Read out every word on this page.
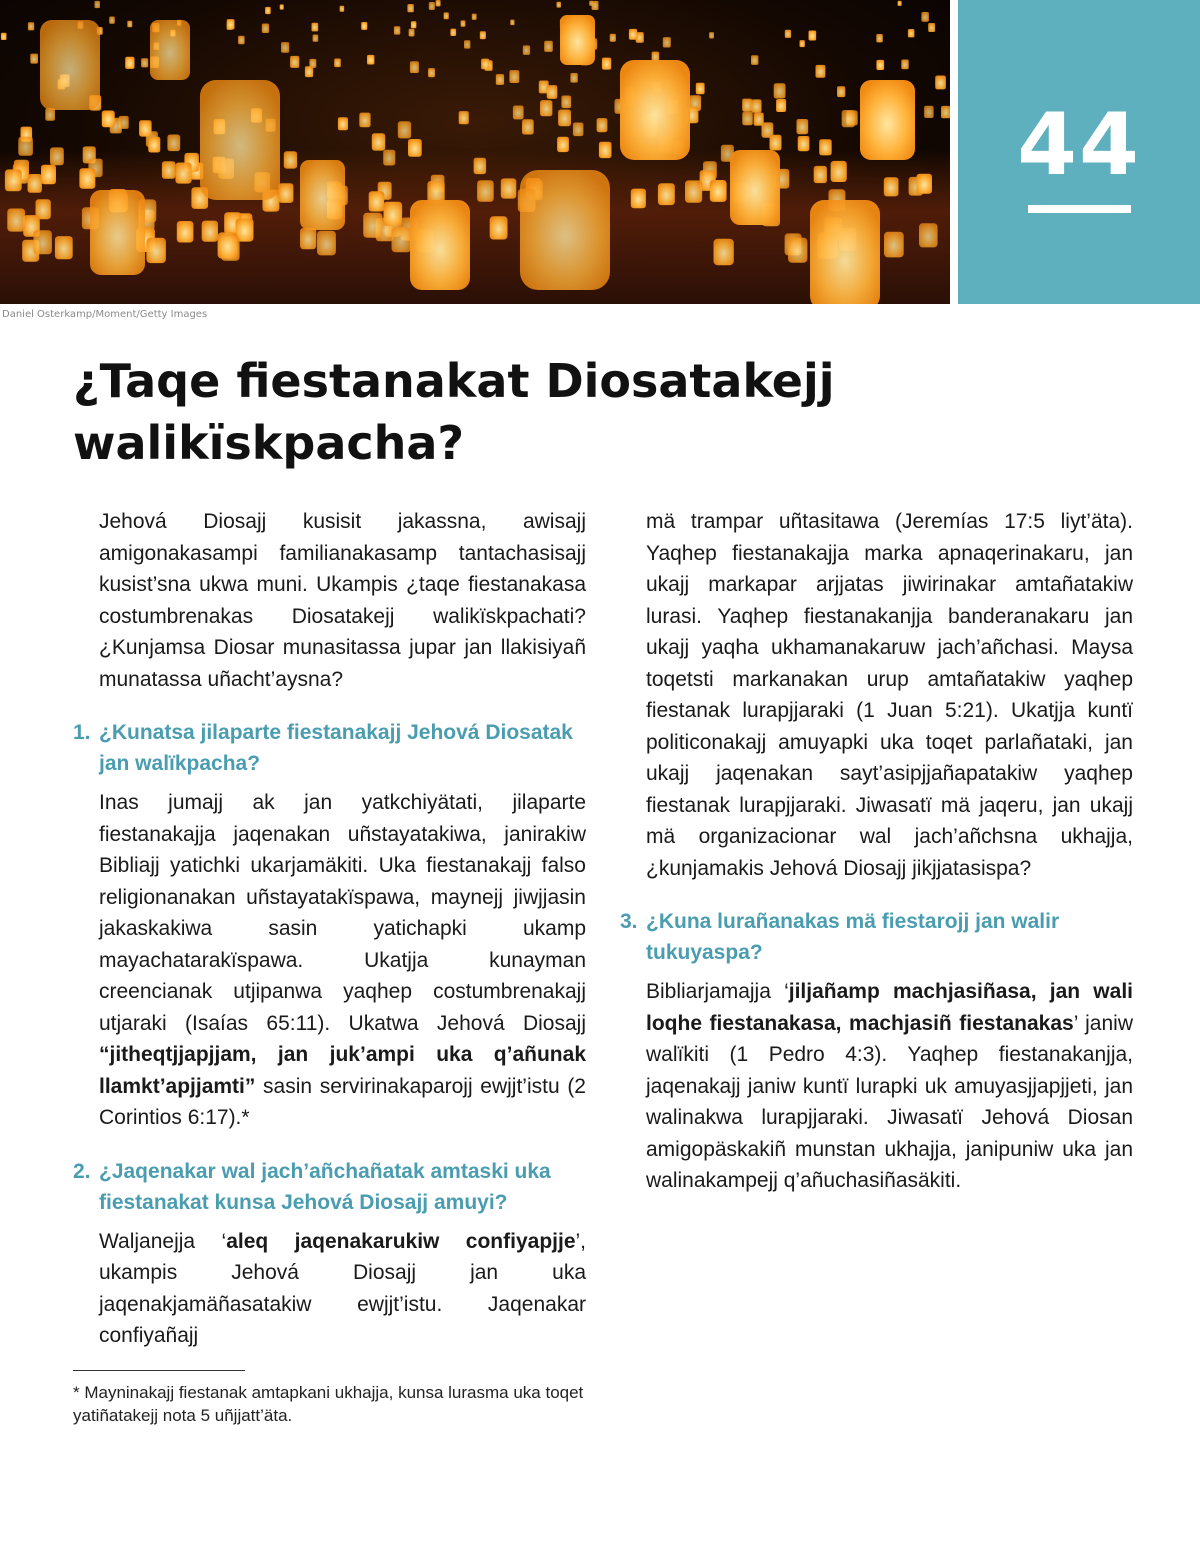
44
Daniel Osterkamp/Moment/Getty Images
¿Taqe fiestanakat Diosatakejj
walikïskpacha?

Jehová Diosajj kusisit jakassna, awisajj amigonakasampi familianakasamp tantachasisajj kusist’sna ukwa muni. Ukampis ¿taqe fiestanakasa costumbrenakas Diosatakejj walikïskpachati? ¿Kunjamsa Diosar munasitassa jupar jan llakisiyañ munatassa uñacht’aysna?

1. ¿Kunatsa jilaparte fiestanakajj Jehová Diosatak jan walïkpacha?

Inas jumajj ak jan yatkchiyätati, jilaparte fiestanakajja jaqenakan uñstayatakiwa, janirakiw Bibliajj yatichki ukarjamäkiti. Uka fiestanakajj falso religionanakan uñstayatakïspawa, maynejj jiwjjasin jakaskakiwa sasin yatichapki ukamp mayachatarakïspawa. Ukatjja kunayman creencianak utjipanwa yaqhep costumbrenakajj utjaraki (Isaías 65:11). Ukatwa Jehová Diosajj “jitheqtjjapjjam, jan juk’ampi uka q’añunak llamkt’apjjamti” sasin servirinakaparojj ewjjt’istu (2 Corintios 6:17).*

2. ¿Jaqenakar wal jach’añchañatak amtaski uka fiestanakat kunsa Jehová Diosajj amuyi?

Waljanejja ‘aleq jaqenakarukiw confiyapjje’, ukampis Jehová Diosajj jan uka jaqenakjamäñasatakiw ewjjt’istu. Jaqenakar confiyañajj

* Mayninakajj fiestanak amtapkani ukhajja, kunsa lurasma uka toqet yatiñatakejj nota 5 uñjjatt’äta.

mä trampar uñtasitawa (Jeremías 17:5 liyt’äta). Yaqhep fiestanakajja marka apnaqerinakaru, jan ukajj markapar arjjatas jiwirinakar amtañatakiw lurasi. Yaqhep fiestanakanjja banderanakaru jan ukajj yaqha ukhamanakaruw jach’añchasi. Maysa toqetsti markanakan urup amtañatakiw yaqhep fiestanak lurapjjaraki (1 Juan 5:21). Ukatjja kuntï politiconakajj amuyapki uka toqet parlañataki, jan ukajj jaqenakan sayt’asipjjañapatakiw yaqhep fiestanak lurapjjaraki. Jiwasatï mä jaqeru, jan ukajj mä organizacionar wal jach’añchsna ukhajja, ¿kunjamakis Jehová Diosajj jikjjatasispa?

3. ¿Kuna lurañanakas mä fiestarojj jan walir tukuyaspa?

Bibliarjamajja ‘jiljañamp machjasiñasa, jan wali loqhe fiestanakasa, machjasiñ fiestanakas’ janiw walïkiti (1 Pedro 4:3). Yaqhep fiestanakanjja, jaqenakajj janiw kuntï lurapki uk amuyasjjapjjeti, jan walinakwa lurapjjaraki. Jiwasatï Jehová Diosan amigopäskakiñ munstan ukhajja, janipuniw uka jan walinakampejj q’añuchasiñasäkiti.
